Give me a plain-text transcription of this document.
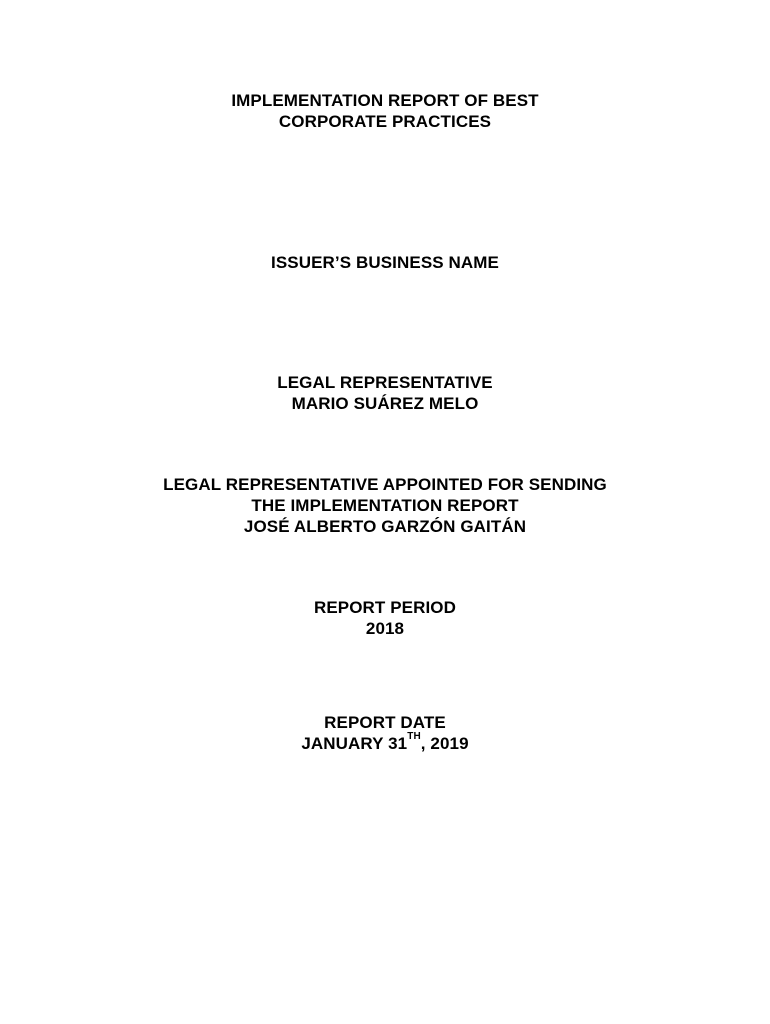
IMPLEMENTATION REPORT OF BEST
CORPORATE PRACTICES
ISSUER’S BUSINESS NAME
LEGAL REPRESENTATIVE
MARIO SUÁREZ MELO
LEGAL REPRESENTATIVE APPOINTED FOR SENDING
THE IMPLEMENTATION REPORT
JOSÉ ALBERTO GARZÓN GAITÁN
REPORT PERIOD
2018
REPORT DATE
JANUARY 31TH, 2019
